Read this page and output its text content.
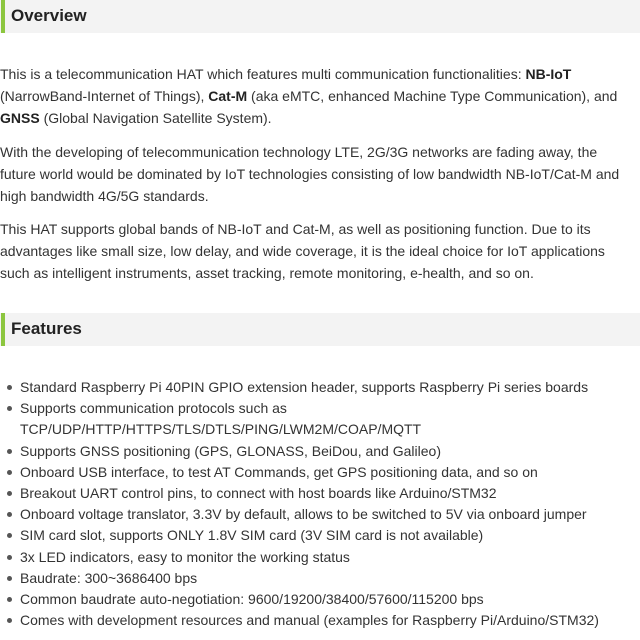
Overview

This is a telecommunication HAT which features multi communication functionalities: NB-IoT (NarrowBand-Internet of Things), Cat-M (aka eMTC, enhanced Machine Type Communication), and GNSS (Global Navigation Satellite System).

With the developing of telecommunication technology LTE, 2G/3G networks are fading away, the future world would be dominated by IoT technologies consisting of low bandwidth NB-IoT/Cat-M and high bandwidth 4G/5G standards.

This HAT supports global bands of NB-IoT and Cat-M, as well as positioning function. Due to its advantages like small size, low delay, and wide coverage, it is the ideal choice for IoT applications such as intelligent instruments, asset tracking, remote monitoring, e-health, and so on.

Features
Standard Raspberry Pi 40PIN GPIO extension header, supports Raspberry Pi series boards
Supports communication protocols such as TCP/UDP/HTTP/HTTPS/TLS/DTLS/PING/LWM2M/COAP/MQTT
Supports GNSS positioning (GPS, GLONASS, BeiDou, and Galileo)
Onboard USB interface, to test AT Commands, get GPS positioning data, and so on
Breakout UART control pins, to connect with host boards like Arduino/STM32
Onboard voltage translator, 3.3V by default, allows to be switched to 5V via onboard jumper
SIM card slot, supports ONLY 1.8V SIM card (3V SIM card is not available)
3x LED indicators, easy to monitor the working status
Baudrate: 300~3686400 bps
Common baudrate auto-negotiation: 9600/19200/38400/57600/115200 bps
Comes with development resources and manual (examples for Raspberry Pi/Arduino/STM32)
